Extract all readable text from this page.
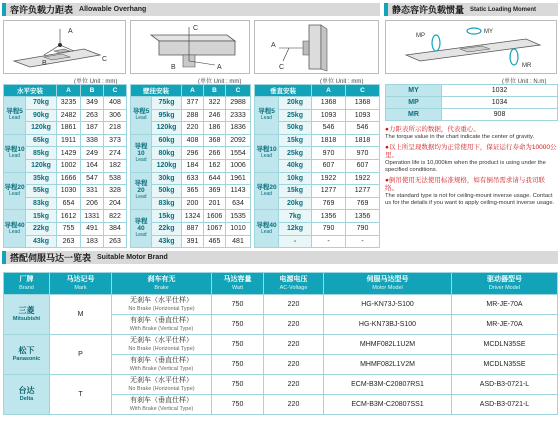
容许负载力距表 Allowable Overhang	静态容许负载惯量 Static Loading Moment
A
B
C
C
A
B
A
C
MY
MP
MR
(单位 Unit : mm)	(单位 Unit : mm)	(单位 Unit : mm)	(单位 Unit : N.m)
水平安装		A	B	C
导程5
Lead	70kg	3235	349	408
	90kg	2482	263	306
	120kg	1861	187	218
导程10
Lead	65kg	1911	338	373
	85kg	1429	249	274
	120kg	1002	164	182
导程20
Lead	35kg	1666	547	538
	55kg	1030	331	328
	83kg	654	206	204
导程40
Lead	15kg	1612	1331	822
	22kg	755	491	384
	43kg	263	183	263
壁挂安装		A	B	C
导程5
Lead	75kg	377	322	2988
	95kg	288	246	2333
	120kg	220	186	1836
导程10
Lead	60kg	408	368	2092
	80kg	296	266	1554
	120kg	184	162	1006
导程20
Lead	30kg	633	644	1961
	50kg	365	369	1143
	83kg	200	201	634
导程40
Lead	15kg	1324	1606	1535
	22kg	887	1067	1010
	43kg	391	465	481
垂直安装		A	C
导程5
Lead	20kg	1368	1368
	25kg	1093	1093
	50kg	546	546
导程10
Lead	15kg	1818	1818
	25kg	970	970
	40kg	607	607
导程20
Lead	10kg	1922	1922
	15kg	1277	1277
	20kg	769	769
导程40
Lead	7kg	1356	1356
	12kg	790	790
	-	-	-
MY	1032
MP	1034
MR	908

●力距表所示的数据，代表重心。
The torque value in the chart indicate the center of gravity.

●以上所呈现数据均为正常使用下，保证运行寿命为10000公里。
Operation life is 10,000km when the product is using under the specified conditions.

●倒吊使用无法使用标准规格，如有倒吊需求请与我司联络。
The standard type is not for ceiling-mount inverse usage. Contact us for the details if you want to apply ceiling-mount inverse usage.

搭配伺服马达一览表 Suitable Motor Brand
厂牌
Brand	马达记号
Mark	刹车有无
Brake	马达容量
Watt	电源电压
AC-Voltage	伺服马达型号
Motor Model	驱动器型号
Driver Model

三菱
Mitsubishi	M	无刹车（水平仕样）
No Brake (Horizontal Type)	750	220	HG-KN73J-S100	MR-JE-70A
		有刹车（垂直仕样）
With Brake (Vertical Type)	750	220	HG-KN73BJ-S100	MR-JE-70A
松下
Panasonic	P	无刹车（水平仕样）
No Brake (Horizontal Type)	750	220	MHMF082L1U2M	MCDLN35SE
		有刹车（垂直仕样）
With Brake (Vertical Type)	750	220	MHMF082L1V2M	MCDLN35SE
台达
Delta	T	无刹车（水平仕样）
No Brake (Horizontal Type)	750	220	ECM-B3M-C20807RS1	ASD-B3-0721-L
		有刹车（垂直仕样）
With Brake (Vertical Type)	750	220	ECM-B3M-C20807SS1	ASD-B3-0721-L
